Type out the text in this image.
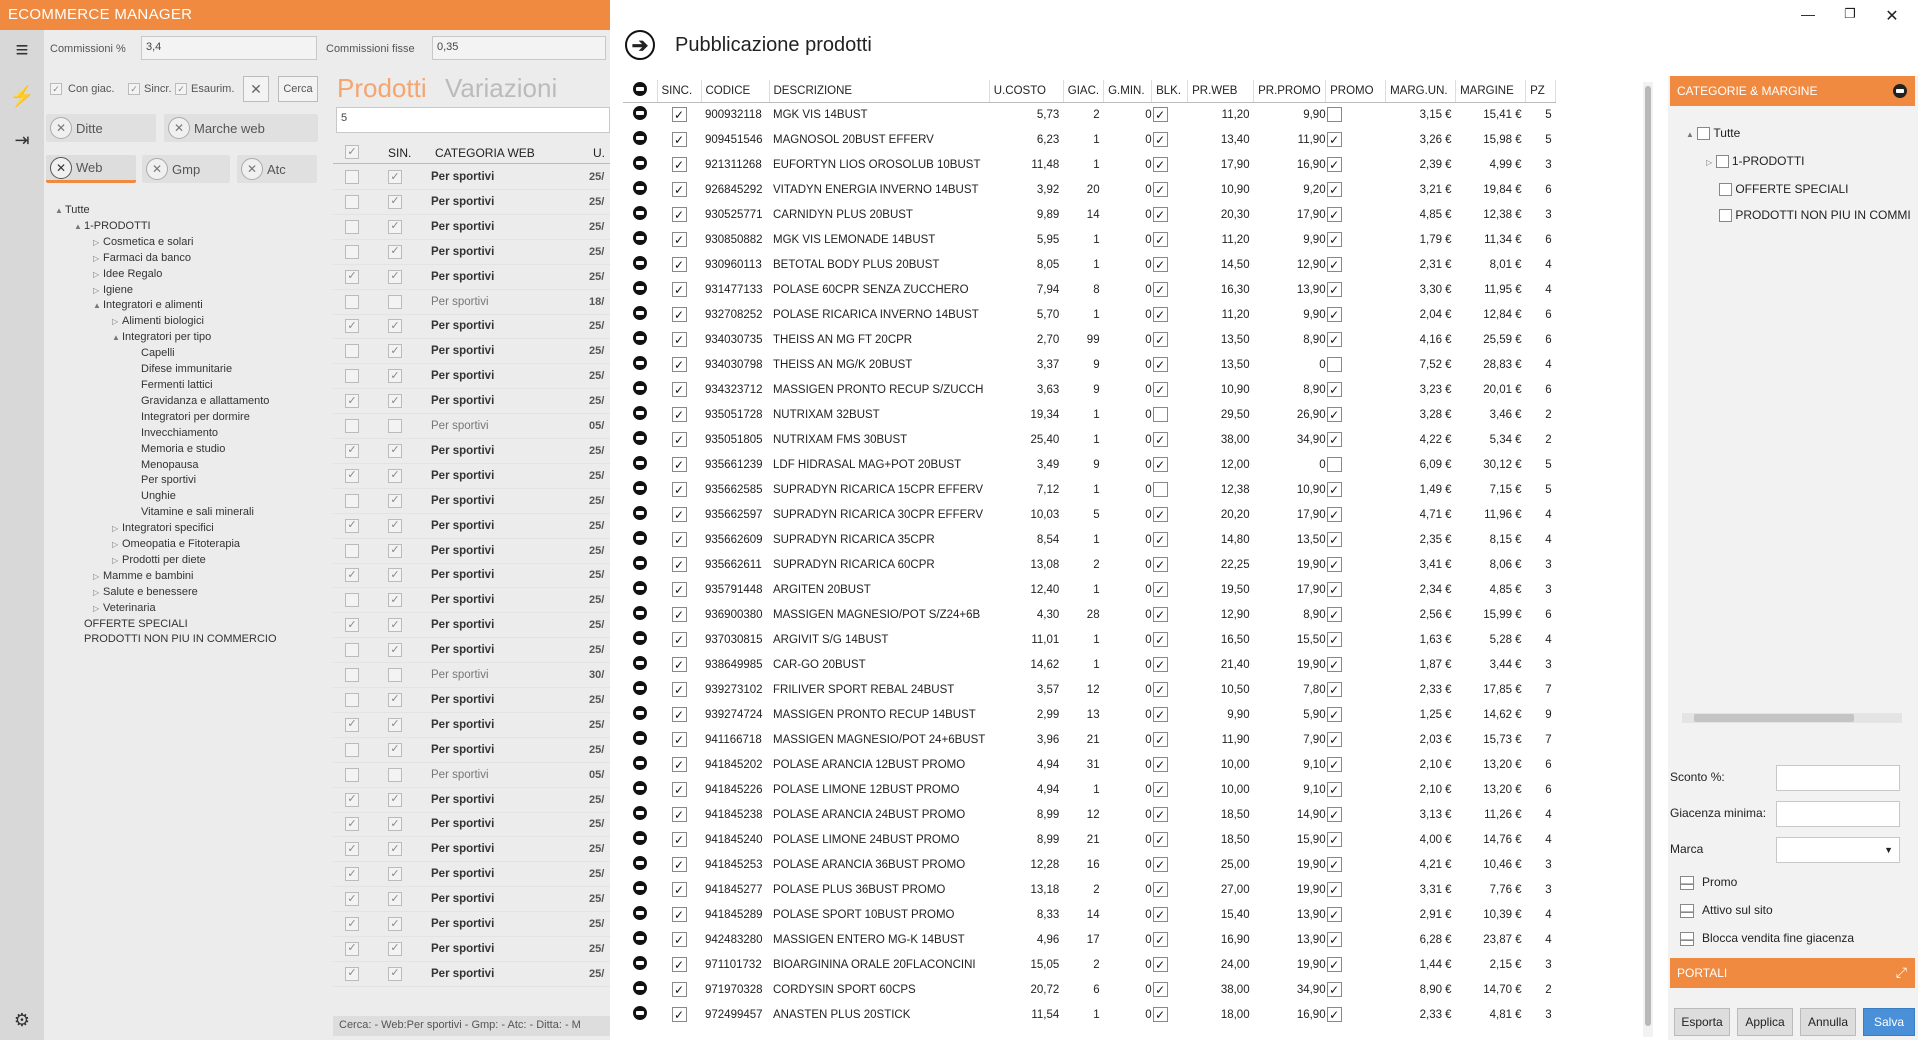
ECOMMERCE MANAGER
≡
⚡
⇥
⚙
Commissioni %	3,4	Commissioni fisse	0,35
✓ Con giac. ✓ Sincr. ✓ Esaurim.	✕	Cerca
✕ Ditte	✕ Marche web
✕ Web	✕ Gmp	✕ Atc
▲ Tutte
▲ 1-PRODOTTI
▷ Cosmetica e solari
▷ Farmaci da banco
▷ Idee Regalo
▷ Igiene
▲ Integratori e alimenti
▷ Alimenti biologici
▲ Integratori per tipo
Capelli
Difese immunitarie
Fermenti lattici
Gravidanza e allattamento
Integratori per dormire
Invecchiamento
Memoria e studio
Menopausa
Per sportivi
Unghie
Vitamine e sali minerali
▷ Integratori specifici
▷ Omeopatia e Fitoterapia
▷ Prodotti per diete
▷ Mamme e bambini
▷ Salute e benessere
▷ Veterinaria
OFFERTE SPECIALI
PRODOTTI NON PIU IN COMMERCIO
Prodotti Variazioni
5
✓	SIN. CATEGORIA WEB	U.
✓	Per sportivi	25/
✓	Per sportivi	25/
✓	Per sportivi	25/
✓	Per sportivi	25/
✓	✓	Per sportivi	25/
Per sportivi	18/
✓	✓	Per sportivi	25/
✓	Per sportivi	25/
✓	Per sportivi	25/
✓	✓	Per sportivi	25/
Per sportivi	05/
✓	✓	Per sportivi	25/
✓	✓	Per sportivi	25/
✓	Per sportivi	25/
✓	✓	Per sportivi	25/
✓	Per sportivi	25/
✓	✓	Per sportivi	25/
✓	Per sportivi	25/
✓	✓	Per sportivi	25/
✓	Per sportivi	25/
Per sportivi	30/
✓	Per sportivi	25/
✓	✓	Per sportivi	25/
✓	Per sportivi	25/
Per sportivi	05/
✓	✓	Per sportivi	25/
✓	✓	Per sportivi	25/
✓	✓	Per sportivi	25/
✓	✓	Per sportivi	25/
✓	✓	Per sportivi	25/
✓	✓	Per sportivi	25/
✓	✓	Per sportivi	25/
✓	✓	Per sportivi	25/
Cerca: - Web:Per sportivi - Gmp: - Atc: - Ditta: - M
—	❐	✕
➔	Pubblicazione prodotti
	SINC.	CODICE	DESCRIZIONE	U.COSTO	GIAC.	G.MIN.	BLK.	PR.WEB	PR.PROMO	PROMO	MARG.UN.	MARGINE	PZ
	✓	900932118	MGK VIS 14BUST	5,73	2	0	✓	11,20	9,90		3,15 €	15,41 €	5
	✓	909451546	MAGNOSOL 20BUST EFFERV	6,23	1	0	✓	13,40	11,90	✓	3,26 €	15,98 €	5
	✓	921311268	EUFORTYN LIOS OROSOLUB 10BUST	11,48	1	0	✓	17,90	16,90	✓	2,39 €	4,99 €	3
	✓	926845292	VITADYN ENERGIA INVERNO 14BUST	3,92	20	0	✓	10,90	9,20	✓	3,21 €	19,84 €	6
	✓	930525771	CARNIDYN PLUS 20BUST	9,89	14	0	✓	20,30	17,90	✓	4,85 €	12,38 €	3
	✓	930850882	MGK VIS LEMONADE 14BUST	5,95	1	0	✓	11,20	9,90	✓	1,79 €	11,34 €	6
	✓	930960113	BETOTAL BODY PLUS 20BUST	8,05	1	0	✓	14,50	12,90	✓	2,31 €	8,01 €	4
	✓	931477133	POLASE 60CPR SENZA ZUCCHERO	7,94	8	0	✓	16,30	13,90	✓	3,30 €	11,95 €	4
	✓	932708252	POLASE RICARICA INVERNO 14BUST	5,70	1	0	✓	11,20	9,90	✓	2,04 €	12,84 €	6
	✓	934030735	THEISS AN MG FT 20CPR	2,70	99	0	✓	13,50	8,90	✓	4,16 €	25,59 €	6
	✓	934030798	THEISS AN MG/K 20BUST	3,37	9	0	✓	13,50	0		7,52 €	28,83 €	4
	✓	934323712	MASSIGEN PRONTO RECUP S/ZUCCH	3,63	9	0	✓	10,90	8,90	✓	3,23 €	20,01 €	6
	✓	935051728	NUTRIXAM 32BUST	19,34	1	0		29,50	26,90	✓	3,28 €	3,46 €	2
	✓	935051805	NUTRIXAM FMS 30BUST	25,40	1	0	✓	38,00	34,90	✓	4,22 €	5,34 €	2
	✓	935661239	LDF HIDRASAL MAG+POT 20BUST	3,49	9	0	✓	12,00	0		6,09 €	30,12 €	5
	✓	935662585	SUPRADYN RICARICA 15CPR EFFERV	7,12	1	0		12,38	10,90	✓	1,49 €	7,15 €	5
	✓	935662597	SUPRADYN RICARICA 30CPR EFFERV	10,03	5	0	✓	20,20	17,90	✓	4,71 €	11,96 €	4
	✓	935662609	SUPRADYN RICARICA 35CPR	8,54	1	0	✓	14,80	13,50	✓	2,35 €	8,15 €	4
	✓	935662611	SUPRADYN RICARICA 60CPR	13,08	2	0	✓	22,25	19,90	✓	3,41 €	8,06 €	3
	✓	935791448	ARGITEN 20BUST	12,40	1	0	✓	19,50	17,90	✓	2,34 €	4,85 €	3
	✓	936900380	MASSIGEN MAGNESIO/POT S/Z24+6B	4,30	28	0	✓	12,90	8,90	✓	2,56 €	15,99 €	6
	✓	937030815	ARGIVIT S/G 14BUST	11,01	1	0	✓	16,50	15,50	✓	1,63 €	5,28 €	4
	✓	938649985	CAR-GO 20BUST	14,62	1	0	✓	21,40	19,90	✓	1,87 €	3,44 €	3
	✓	939273102	FRILIVER SPORT REBAL 24BUST	3,57	12	0	✓	10,50	7,80	✓	2,33 €	17,85 €	7
	✓	939274724	MASSIGEN PRONTO RECUP 14BUST	2,99	13	0	✓	9,90	5,90	✓	1,25 €	14,62 €	9
	✓	941166718	MASSIGEN MAGNESIO/POT 24+6BUST	3,96	21	0	✓	11,90	7,90	✓	2,03 €	15,73 €	7
	✓	941845202	POLASE ARANCIA 12BUST PROMO	4,94	31	0	✓	10,00	9,10	✓	2,10 €	13,20 €	6
	✓	941845226	POLASE LIMONE 12BUST PROMO	4,94	1	0	✓	10,00	9,10	✓	2,10 €	13,20 €	6
	✓	941845238	POLASE ARANCIA 24BUST PROMO	8,99	12	0	✓	18,50	14,90	✓	3,13 €	11,26 €	4
	✓	941845240	POLASE LIMONE 24BUST PROMO	8,99	21	0	✓	18,50	15,90	✓	4,00 €	14,76 €	4
	✓	941845253	POLASE ARANCIA 36BUST PROMO	12,28	16	0	✓	25,00	19,90	✓	4,21 €	10,46 €	3
	✓	941845277	POLASE PLUS 36BUST PROMO	13,18	2	0	✓	27,00	19,90	✓	3,31 €	7,76 €	3
	✓	941845289	POLASE SPORT 10BUST PROMO	8,33	14	0	✓	15,40	13,90	✓	2,91 €	10,39 €	4
	✓	942483280	MASSIGEN ENTERO MG-K 14BUST	4,96	17	0	✓	16,90	13,90	✓	6,28 €	23,87 €	4
	✓	971101732	BIOARGININA ORALE 20FLACONCINI	15,05	2	0	✓	24,00	19,90	✓	1,44 €	2,15 €	3
	✓	971970328	CORDYSIN SPORT 60CPS	20,72	6	0	✓	38,00	34,90	✓	8,90 €	14,70 €	2
	✓	972499457	ANASTEN PLUS 20STICK	11,54	1	0	✓	18,00	16,90	✓	2,33 €	4,81 €	3
CATEGORIE & MARGINE
▲ Tutte
▷ 1-PRODOTTI
OFFERTE SPECIALI
PRODOTTI NON PIU IN COMMI
Sconto %:
Giacenza minima:
Marca	▼
— Promo
— Attivo sul sito
— Blocca vendita fine giacenza
PORTALI	⤢
Esporta	Applica	Annulla	Salva
